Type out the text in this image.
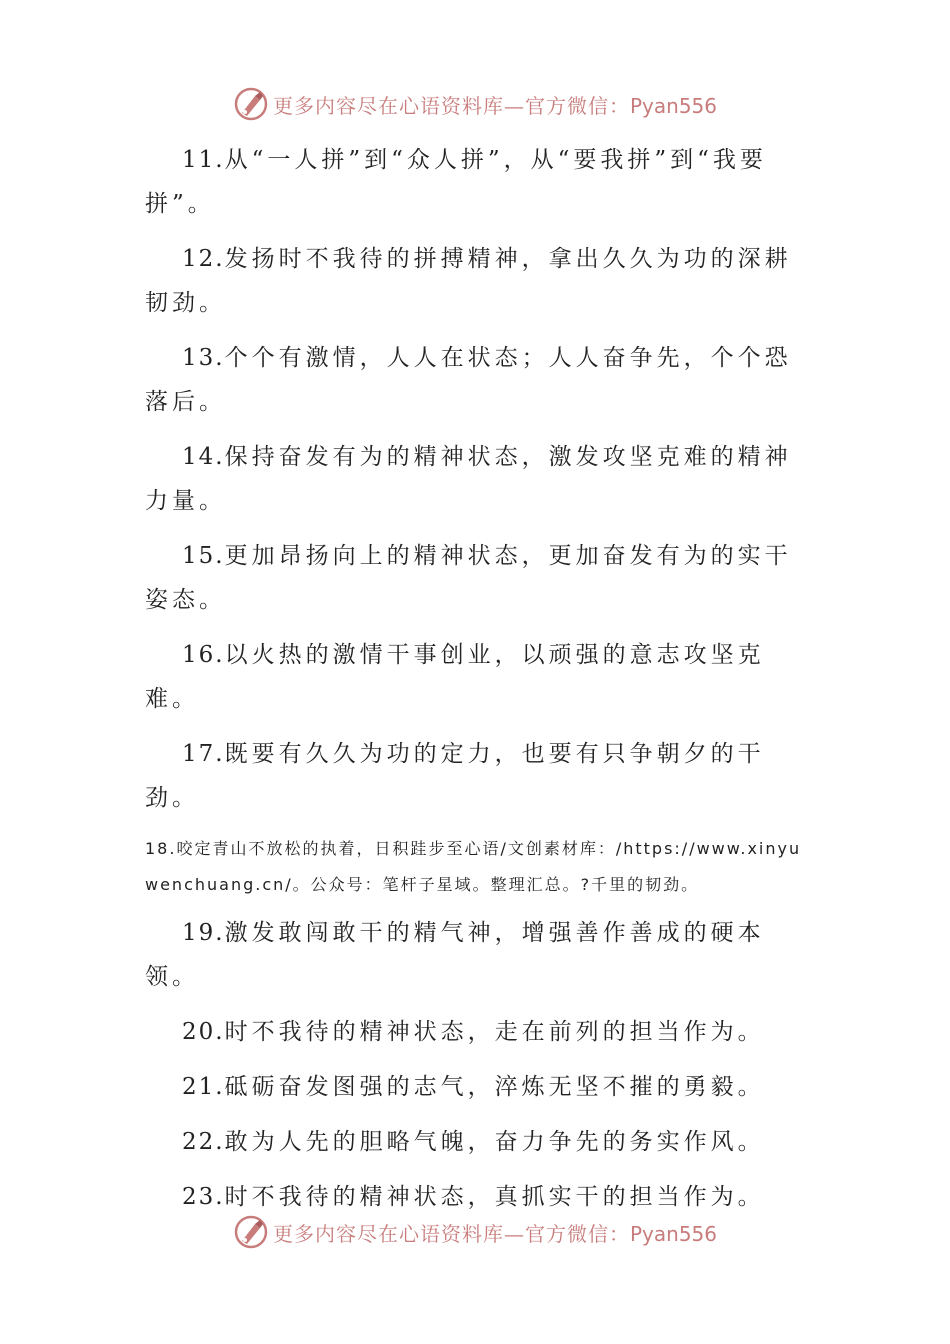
更多内容尽在心语资料库—官方微信：Pyan556

11.从“一人拼”到“众人拼”，从“要我拼”到“我要拼”。

12.发扬时不我待的拼搏精神，拿出久久为功的深耕韧劲。

13.个个有激情，人人在状态；人人奋争先，个个恐落后。

14.保持奋发有为的精神状态，激发攻坚克难的精神力量。

15.更加昂扬向上的精神状态，更加奋发有为的实干姿态。

16.以火热的激情干事创业，以顽强的意志攻坚克难。

17.既要有久久为功的定力，也要有只争朝夕的干劲。

18.咬定青山不放松的执着，日积跬步至心语/文创素材库：/https://www.xinyuwenchuang.cn/。公众号：笔杆子星域。整理汇总。?千里的韧劲。

19.激发敢闯敢干的精气神，增强善作善成的硬本领。

20.时不我待的精神状态，走在前列的担当作为。

21.砥砺奋发图强的志气，淬炼无坚不摧的勇毅。

22.敢为人先的胆略气魄，奋力争先的务实作风。

23.时不我待的精神状态，真抓实干的担当作为。

更多内容尽在心语资料库—官方微信：Pyan556
